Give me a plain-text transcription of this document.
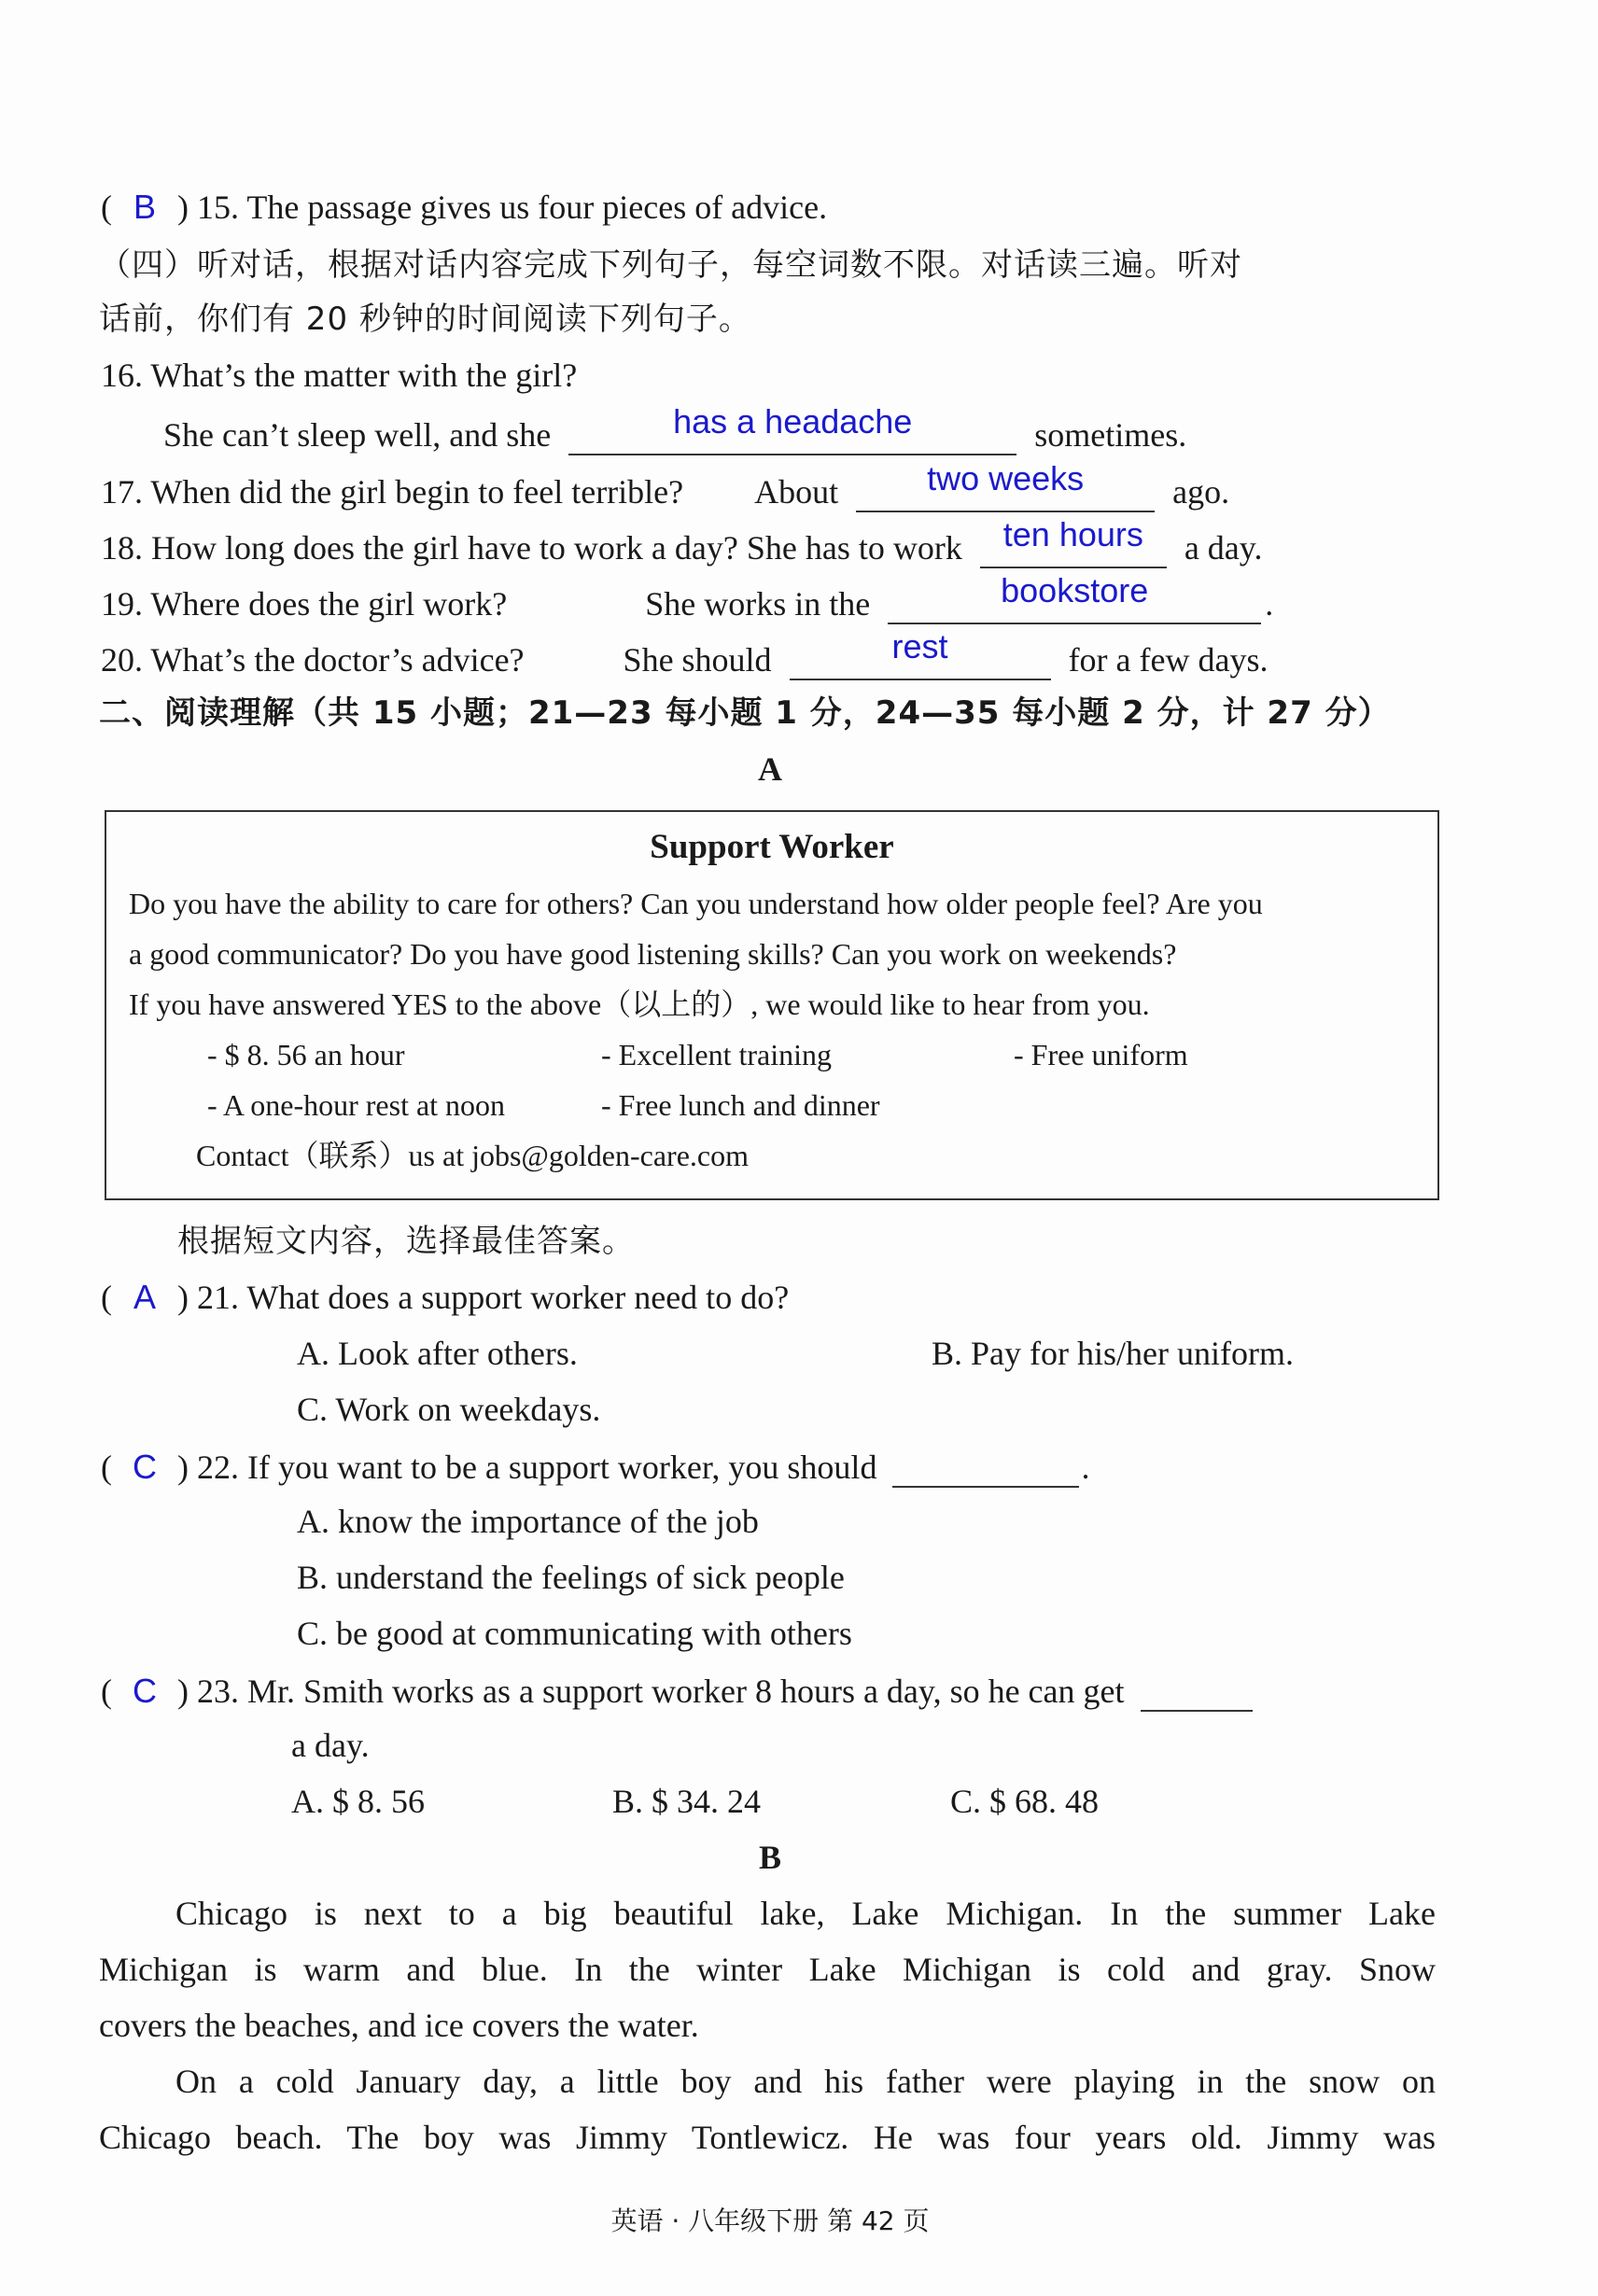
( B ) 15. The passage gives us four pieces of advice.
（四）听对话，根据对话内容完成下列句子，每空词数不限。对话读三遍。听对
话前，你们有 20 秒钟的时间阅读下列句子。
16. What’s the matter with the girl?
She can’t sleep well, and she	has a headache	sometimes.
17. When did the girl begin to feel terrible? About	two weeks	ago.
18. How long does the girl have to work a day? She has to work	ten hours	a day.
19. Where does the girl work?	She works in the	bookstore	.
20. What’s the doctor’s advice?	She should	rest	for a few days.
二、阅读理解（共 15 小题；21—23 每小题 1 分，24—35 每小题 2 分，计 27 分）
A
Support Worker
Do you have the ability to care for others? Can you understand how older people feel? Are you
a good communicator? Do you have good listening skills? Can you work on weekends?
If you have answered YES to the above（以上的）, we would like to hear from you.
- $ 8. 56 an hour	- Excellent training	- Free uniform
- A one-hour rest at noon	- Free lunch and dinner
Contact（联系）us at jobs@golden-care.com
根据短文内容，选择最佳答案。
( A ) 21. What does a support worker need to do?
A. Look after others.	B. Pay for his/her uniform.
C. Work on weekdays.
( C ) 22. If you want to be a support worker, you should	.
A. know the importance of the job
B. understand the feelings of sick people
C. be good at communicating with others
( C ) 23. Mr. Smith works as a support worker 8 hours a day, so he can get
a day.
A. $ 8. 56	B. $ 34. 24	C. $ 68. 48
B
Chicago is next to a big beautiful lake, Lake Michigan. In the summer Lake
Michigan is warm and blue. In the winter Lake Michigan is cold and gray. Snow
covers the beaches, and ice covers the water.
On a cold January day, a little boy and his father were playing in the snow on
Chicago beach. The boy was Jimmy Tontlewicz. He was four years old. Jimmy was
英语 · 八年级下册 第 42 页
